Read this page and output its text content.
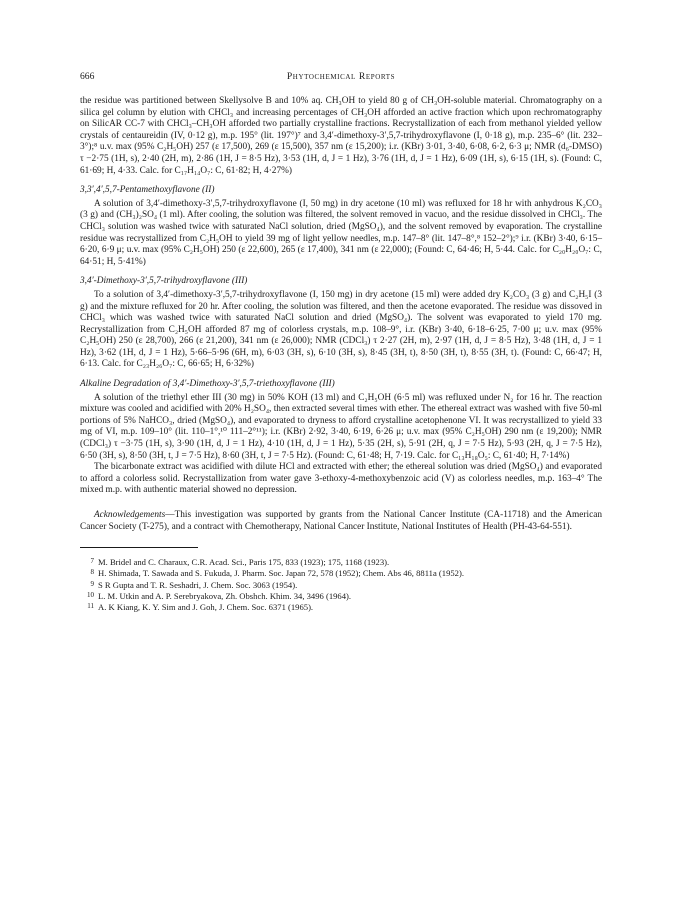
666	Phytochemical Reports

the residue was partitioned between Skellysolve B and 10% aq. CH₃OH to yield 80 g of CH₃OH-soluble material. Chromatography on a silica gel column by elution with CHCl₃ and increasing percentages of CH₃OH afforded an active fraction which upon rechromatography on SilicAR CC-7 with CHCl₃–CH₃OH afforded two partially crystalline fractions. Recrystallization of each from methanol yielded yellow crystals of centaureidin (IV, 0·12 g), m.p. 195° (lit. 197°)⁷ and 3,4′-dimethoxy-3′,5,7-trihydroxyflavone (I, 0·18 g), m.p. 235–6° (lit. 232–3°);⁸ u.v. max (95% C₂H₅OH) 257 (ε 17,500), 269 (ε 15,500), 357 nm (ε 15,200); i.r. (KBr) 3·01, 3·40, 6·08, 6·2, 6·3 μ; NMR (d₆-DMSO) τ −2·75 (1H, s), 2·40 (2H, m), 2·86 (1H, J = 8·5 Hz), 3·53 (1H, d, J = 1 Hz), 3·76 (1H, d, J = 1 Hz), 6·09 (1H, s), 6·15 (1H, s). (Found: C, 61·69; H, 4·33. Calc. for C₁₇H₁₄O₇: C, 61·82; H, 4·27%)

3,3′,4′,5,7-Pentamethoxyflavone (II)

A solution of 3,4′-dimethoxy-3′,5,7-trihydroxyflavone (I, 50 mg) in dry acetone (10 ml) was refluxed for 18 hr with anhydrous K₂CO₃ (3 g) and (CH₃)₂SO₄ (1 ml). After cooling, the solution was filtered, the solvent removed in vacuo, and the residue dissolved in CHCl₃. The CHCl₃ solution was washed twice with saturated NaCl solution, dried (MgSO₄), and the solvent removed by evaporation. The crystalline residue was recrystallized from C₂H₅OH to yield 39 mg of light yellow needles, m.p. 147–8° (lit. 147–8°,⁸ 152–2°);⁹ i.r. (KBr) 3·40, 6·15–6·20, 6·9 μ; u.v. max (95% C₂H₅OH) 250 (ε 22,600), 265 (ε 17,400), 341 nm (ε 22,000); (Found: C, 64·46; H, 5·44. Calc. for C₂₀H₂₀O₇: C, 64·51; H, 5·41%)

3,4′-Dimethoxy-3′,5,7-trihydroxyflavone (III)

To a solution of 3,4′-dimethoxy-3′,5,7-trihydroxyflavone (I, 150 mg) in dry acetone (15 ml) were added dry K₂CO₃ (3 g) and C₂H₅I (3 g) and the mixture refluxed for 20 hr. After cooling, the solution was filtered, and then the acetone evaporated. The residue was dissoved in CHCl₃ which was washed twice with saturated NaCl solution and dried (MgSO₄). The solvent was evaporated to yield 170 mg. Recrystallization from C₂H₅OH afforded 87 mg of colorless crystals, m.p. 108–9°, i.r. (KBr) 3·40, 6·18–6·25, 7·00 μ; u.v. max (95% C₂H₅OH) 250 (ε 28,700), 266 (ε 21,200), 341 nm (ε 26,000); NMR (CDCl₃) τ 2·27 (2H, m), 2·97 (1H, d, J = 8·5 Hz), 3·48 (1H, d, J = 1 Hz), 3·62 (1H, d, J = 1 Hz), 5·66–5·96 (6H, m), 6·03 (3H, s), 6·10 (3H, s), 8·45 (3H, t), 8·50 (3H, t), 8·55 (3H, t). (Found: C, 66·47; H, 6·13. Calc. for C₂₃H₂₆O₇: C, 66·65; H, 6·32%)

Alkaline Degradation of 3,4′-Dimethoxy-3′,5,7-triethoxyflavone (III)

A solution of the triethyl ether III (30 mg) in 50% KOH (13 ml) and C₂H₅OH (6·5 ml) was refluxed under N₂ for 16 hr. The reaction mixture was cooled and acidified with 20% H₂SO₄, then extracted several times with ether. The ethereal extract was washed with five 50-ml portions of 5% NaHCO₃, dried (MgSO₄), and evaporated to dryness to afford crystalline acetophenone VI. It was recrystallized to yield 33 mg of VI, m.p. 109–10° (lit. 110–1°,¹⁰ 111–2°¹¹); i.r. (KBr) 2·92, 3·40, 6·19, 6·26 μ; u.v. max (95% C₂H₅OH) 290 nm (ε 19,200); NMR (CDCl₃) τ −3·75 (1H, s), 3·90 (1H, d, J = 1 Hz), 4·10 (1H, d, J = 1 Hz), 5·35 (2H, s), 5·91 (2H, q, J = 7·5 Hz), 5·93 (2H, q, J = 7·5 Hz), 6·50 (3H, s), 8·50 (3H, t, J = 7·5 Hz), 8·60 (3H, t, J = 7·5 Hz). (Found: C, 61·48; H, 7·19. Calc. for C₁₃H₁₈O₅: C, 61·40; H, 7·14%)

The bicarbonate extract was acidified with dilute HCl and extracted with ether; the ethereal solution was dried (MgSO₄) and evaporated to afford a colorless solid. Recrystallization from water gave 3-ethoxy-4-methoxybenzoic acid (V) as colorless needles, m.p. 163–4° The mixed m.p. with authentic material showed no depression.

Acknowledgements—This investigation was supported by grants from the National Cancer Institute (CA-11718) and the American Cancer Society (T-275), and a contract with Chemotherapy, National Cancer Institute, National Institutes of Health (PH-43-64-551).

7 M. Bridel and C. Charaux, C.R. Acad. Sci., Paris 175, 833 (1923); 175, 1168 (1923).
8 H. Shimada, T. Sawada and S. Fukuda, J. Pharm. Soc. Japan 72, 578 (1952); Chem. Abs 46, 8811a (1952).
9 S R Gupta and T. R. Seshadri, J. Chem. Soc. 3063 (1954).
10 L. M. Utkin and A. P. Serebryakova, Zh. Obshch. Khim. 34, 3496 (1964).
11 A. K Kiang, K. Y. Sim and J. Goh, J. Chem. Soc. 6371 (1965).
